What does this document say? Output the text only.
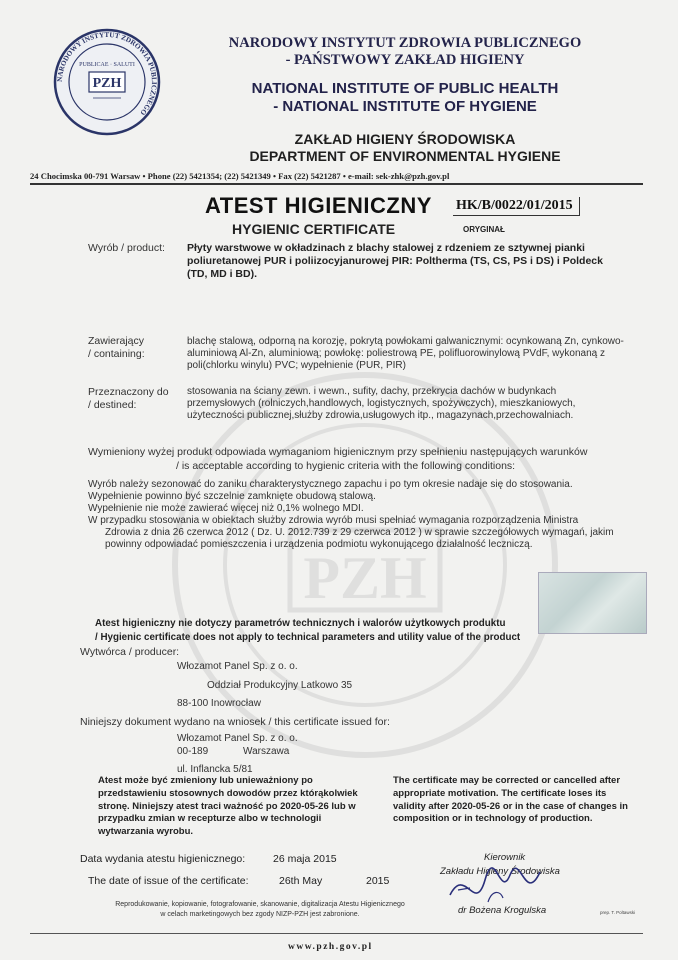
NARODOWY INSTYTUT ZDROWIA PUBLICZNEGO
PUBLICAE · SALUTI
PZH
PZH
NARODOWY INSTYTUT ZDROWIA PUBLICZNEGO
- PAŃSTWOWY ZAKŁAD HIGIENY
NATIONAL INSTITUTE OF PUBLIC HEALTH
- NATIONAL INSTITUTE OF HYGIENE
ZAKŁAD HIGIENY ŚRODOWISKA
DEPARTMENT OF ENVIRONMENTAL HYGIENE
24 Chocimska 00-791 Warsaw • Phone (22) 5421354; (22) 5421349 • Fax (22) 5421287 • e-mail: sek-zhk@pzh.gov.pl
ATEST HIGIENICZNY HK/B/0022/01/2015
HYGIENIC CERTIFICATE	ORYGINAŁ
Wyrób / product: Płyty warstwowe w okładzinach z blachy stalowej z rdzeniem ze sztywnej pianki poliuretanowej PUR i poliizocyjanurowej PIR: Poltherma (TS, CS, PS i DS) i Poldeck (TD, MD i BD).
Zawierający
/ containing:
blachę stalową, odporną na korozję, pokrytą powłokami galwanicznymi: ocynkowaną Zn, cynkowo-aluminiową Al-Zn, aluminiową; powłokę: poliestrową PE, polifluorowinylową PVdF, wykonaną z poli(chlorku winylu) PVC; wypełnienie (PUR, PIR)
Przeznaczony do
/ destined:
stosowania na ściany zewn. i wewn., sufity, dachy, przekrycia dachów w budynkach przemysłowych (rolniczych,handlowych, logistycznych, spożywczych), mieszkaniowych, użyteczności publicznej,służby zdrowia,usługowych itp., magazynach,przechowalniach.
Wymieniony wyżej produkt odpowiada wymaganiom higienicznym przy spełnieniu następujących warunków
/ is acceptable according to hygienic criteria with the following conditions:
Wyrób należy sezonować do zaniku charakterystycznego zapachu i po tym okresie nadaje się do stosowania.
Wypełnienie powinno być szczelnie zamknięte obudową stalową.
Wypełnienie nie może zawierać więcej niż 0,1% wolnego MDI.
W przypadku stosowania w obiektach służby zdrowia wyrób musi spełniać wymagania rozporządzenia Ministra
Zdrowia z dnia 26 czerwca 2012 ( Dz. U. 2012.739 z 29 czerwca 2012 ) w sprawie szczegółowych wymagań, jakim
powinny odpowiadać pomieszczenia i urządzenia podmiotu wykonującego działalność leczniczą.
Atest higieniczny nie dotyczy parametrów technicznych i walorów użytkowych produktu
/ Hygienic certificate does not apply to technical parameters and utility value of the product
Wytwórca / producer:
Włozamot Panel Sp. z o. o.
Oddział Produkcyjny Latkowo 35
88-100 Inowrocław
Niniejszy dokument wydano na wniosek / this certificate issued for:
Włozamot Panel Sp. z o. o.
00-189	Warszawa
ul. Inflancka 5/81
Atest może być zmieniony lub unieważniony po przedstawieniu stosownych dowodów przez którąkolwiek stronę. Niniejszy atest traci ważność po 2020-05-26 lub w przypadku zmian w recepturze albo w technologii wytwarzania wyrobu.
The certificate may be corrected or cancelled after appropriate motivation. The certificate loses its validity after 2020-05-26 or in the case of changes in composition or in technology of production.
Data wydania atestu higienicznego:	26 maja 2015
The date of issue of the certificate:	26th May	2015
Kierownik
Zakładu Higieny Środowiska
dr Bożena Krogulska	prep. T. Poltawski
Reprodukowanie, kopiowanie, fotografowanie, skanowanie, digitalizacja Atestu Higienicznego
w celach marketingowych bez zgody NIZP-PZH jest zabronione.
www.pzh.gov.pl
